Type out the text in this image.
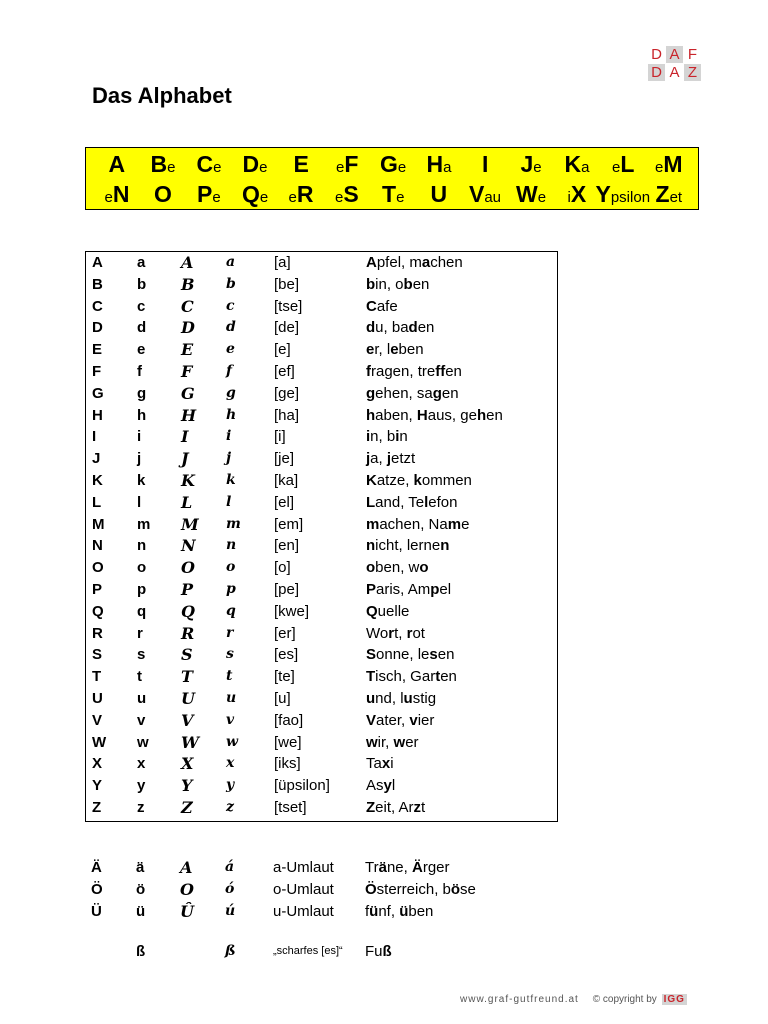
D A F
D A Z
Das Alphabet
A Be Ce De E eF Ge Ha I Je Ka eL eM
eN O Pe Qe eR eS Te U Vau We iX Ypsilon Zet
A a A a	[a]	Apfel, machen
B b B b	[be]	bin, oben
C c C c	[tse]	Cafe
D d D d	[de]	du, baden
E e E e	[e]	er, leben
F f F f	[ef]	fragen, treffen
G g G g	[ge]	gehen, sagen
H h H h	[ha]	haben, Haus, gehen
I	i I	i	[i]	in, bin
J j J	j	[je]	ja, jetzt
K k K k	[ka]	Katze, kommen
L l L l	[el]	Land, Telefon
M m M m [em]	machen, Name
N n N n	[en]	nicht, lernen
O o O o	[o]	oben, wo
P p P p	[pe]	Paris, Ampel
Q q Q q	[kwe]	Quelle
R r R r	[er]	Wort, rot
S s S s	[es]	Sonne, lesen
T t T t	[te]	Tisch, Garten
U u U u	[u]	und, lustig
V v V v	[fao]	Vater, vier
W w W w [we]	wir, wer
X x X x	[iks]	Taxi
Y y Y y	[üpsilon] Asyl
Z z Z z	[tset]	Zeit, Arzt
Ä ä A á	a-Umlaut Träne, Ärger
Ö ö O ó	o-Umlaut Österreich, böse
Ü ü Û ú	u-Umlaut fünf, üben
ß	ß	„scharfes [es]“ Fuß
www.graf-gutfreund.at © copyright by IGG
